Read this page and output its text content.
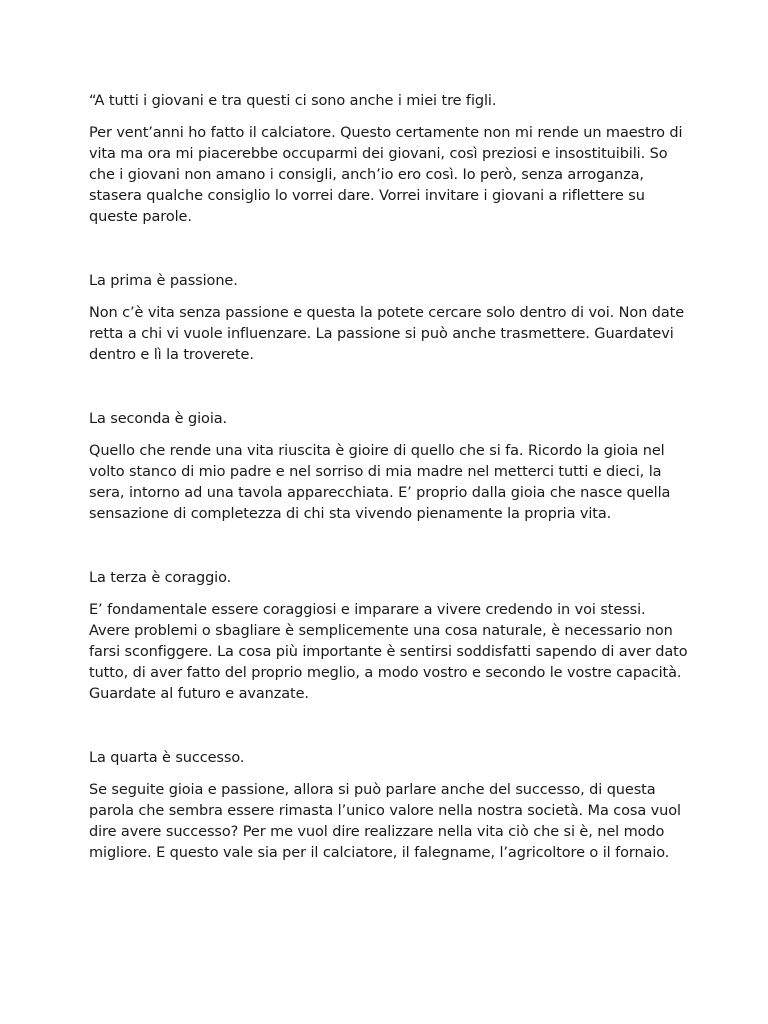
“A tutti i giovani e tra questi ci sono anche i miei tre figli.

Per vent’anni ho fatto il calciatore. Questo certamente non mi rende un maestro di vita ma ora mi piacerebbe occuparmi dei giovani, così preziosi e insostituibili. So che i giovani non amano i consigli, anch’io ero così. Io però, senza arroganza, stasera qualche consiglio lo vorrei dare. Vorrei invitare i giovani a riflettere su queste parole.

La prima è passione.

Non c’è vita senza passione e questa la potete cercare solo dentro di voi. Non date retta a chi vi vuole influenzare. La passione si può anche trasmettere. Guardatevi dentro e lì la troverete.

La seconda è gioia.

Quello che rende una vita riuscita è gioire di quello che si fa. Ricordo la gioia nel volto stanco di mio padre e nel sorriso di mia madre nel metterci tutti e dieci, la sera, intorno ad una tavola apparecchiata. E’ proprio dalla gioia che nasce quella sensazione di completezza di chi sta vivendo pienamente la propria vita.

La terza è coraggio.

E’ fondamentale essere coraggiosi e imparare a vivere credendo in voi stessi. Avere problemi o sbagliare è semplicemente una cosa naturale, è necessario non farsi sconfiggere. La cosa più importante è sentirsi soddisfatti sapendo di aver dato tutto, di aver fatto del proprio meglio, a modo vostro e secondo le vostre capacità. Guardate al futuro e avanzate.

La quarta è successo.

Se seguite gioia e passione, allora si può parlare anche del successo, di questa parola che sembra essere rimasta l’unico valore nella nostra società. Ma cosa vuol dire avere successo? Per me vuol dire realizzare nella vita ciò che si è, nel modo migliore. E questo vale sia per il calciatore, il falegname, l’agricoltore o il fornaio.
